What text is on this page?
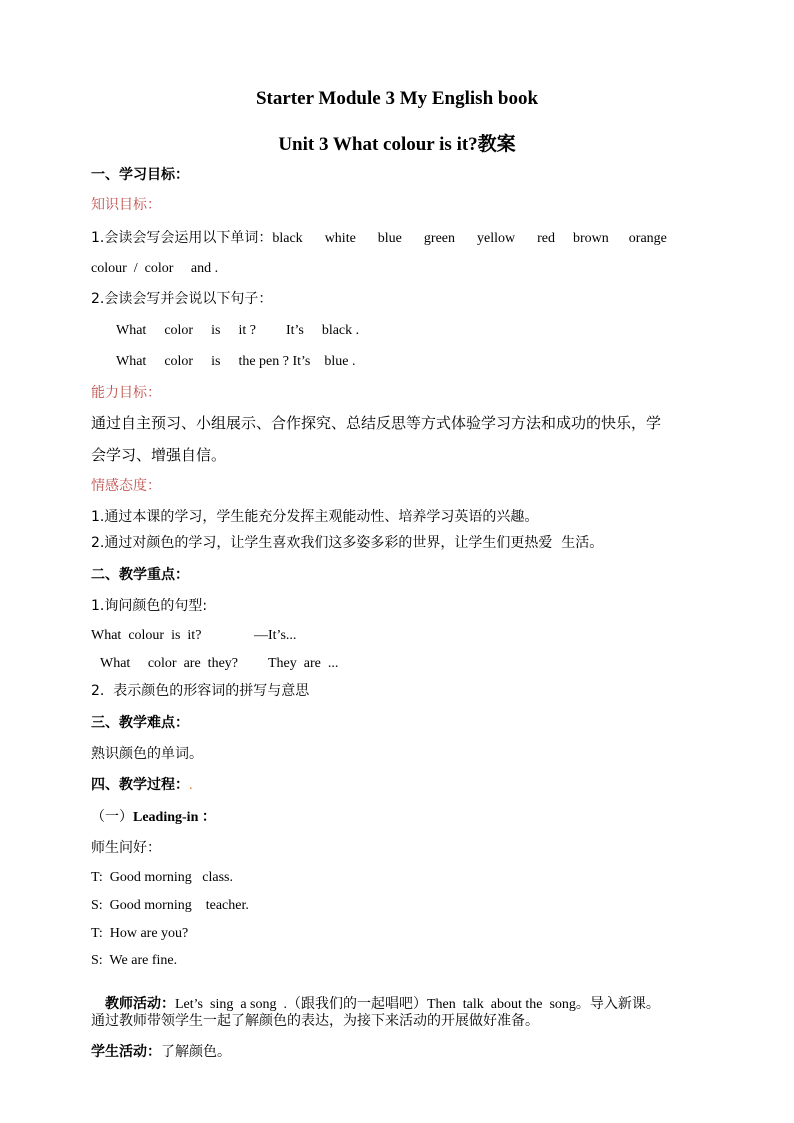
Starter Module 3 My English book
Unit 3 What colour is it?教案
一、学习目标：
知识目标：
1.会读会写会运用以下单词：black white blue green yellow red brown orange
colour  /  color     and .
2.会读会写并会说以下句子：
What color is it ? It’s black .
What color is the pen ? It’s blue .
能力目标：
通过自主预习、小组展示、合作探究、总结反思等方式体验学习方法和成功的快乐，学
会学习、增强自信。
情感态度：
1.通过本课的学习，学生能充分发挥主观能动性、培养学习英语的兴趣。
2.通过对颜色的学习，让学生喜欢我们这多姿多彩的世界，让学生们更热爱  生活。
二、教学重点：
1.询问颜色的句型:
What  colour  is  it?	—It’s...
What     color  are  they? They  are  ...
2.  表示颜色的形容词的拼写与意思
三、教学难点：
熟识颜色的单词。
四、教学过程：.
（一）Leading-in ：
师生问好：
T:  Good morning   class.
S:  Good morning    teacher.
T:  How are you?
S:  We are fine.

教师活动：Let’s  sing  a song  .（跟我们的一起唱吧）Then  talk  about the  song。导入新课。

通过教师带领学生一起了解颜色的表达，为接下来活动的开展做好准备。
学生活动：了解颜色。
